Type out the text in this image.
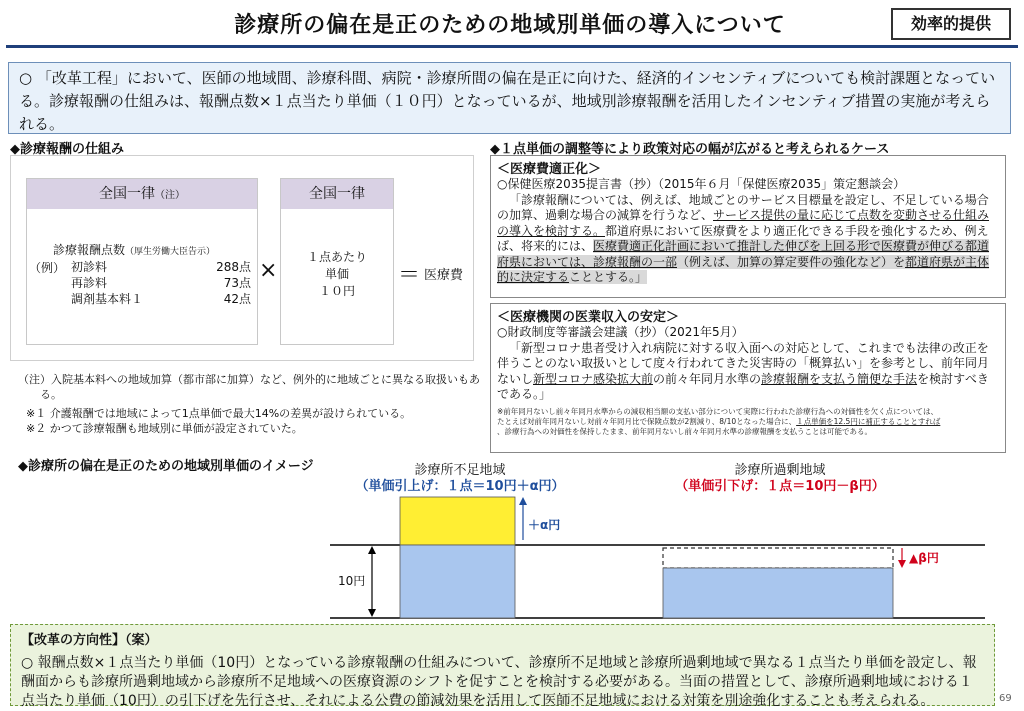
診療所の偏在是正のための地域別単価の導入について	効率的提供
○ 「改革工程」において、医師の地域間、診療科間、病院・診療所間の偏在是正に向けた、経済的インセンティブについても検討課題となっている。診療報酬の仕組みは、報酬点数×１点当たり単価（１０円）となっているが、地域別診療報酬を活用したインセンティブ措置の実施が考えられる。
◆診療報酬の仕組み
全国一律（注）
診療報酬点数（厚生労働大臣告示）
（例） 初診料	288点
再診料	73点
調剤基本料１	42点
×
全国一律
１点あたり
単価
１０円
＝ 医療費
（注）入院基本料への地域加算（都市部に加算）など、例外的に地域ごとに異なる取扱いもある。
※１ 介護報酬では地域によって1点単価で最大14%の差異が設けられている。
※２ かつて診療報酬も地域別に単価が設定されていた。
◆１点単価の調整等により政策対応の幅が広がると考えられるケース
＜医療費適正化＞
○保健医療2035提言書（抄）（2015年６月「保健医療2035」策定懇談会）
「診療報酬については、例えば、地域ごとのサービス目標量を設定し、不足している場合の加算、過剰な場合の減算を行うなど、サービス提供の量に応じて点数を変動させる仕組みの導入を検討する。都道府県において医療費をより適正化できる手段を強化するため、例えば、将来的には、医療費適正化計画において推計した伸びを上回る形で医療費が伸びる都道府県においては、診療報酬の一部（例えば、加算の算定要件の強化など）を都道府県が主体的に決定することとする。」
＜医療機関の医業収入の安定＞
○財政制度等審議会建議（抄）（2021年5月）
「新型コロナ患者受け入れ病院に対する収入面への対応として、これまでも法律の改正を伴うことのない取扱いとして度々行われてきた災害時の「概算払い」を参考とし、前年同月ないし新型コロナ感染拡大前の前々年同月水準の診療報酬を支払う簡便な手法を検討すべきである。」
※前年同月ないし前々年同月水準からの減収相当額の支払い部分について実際に行われた診療行為への対価性を欠く点については、
たとえば対前年同月ないし対前々年同月比で保険点数が2割減り、8/10となった場合に、１点単価を12.5円に補正することとすれば
、診療行為への対価性を保持したまま、前年同月ないし前々年同月水準の診療報酬を支払うことは可能である。
◆診療所の偏在是正のための地域別単価のイメージ	診療所不足地域
（単価引上げ：１点＝10円＋α円）
診療所過剰地域
（単価引下げ：１点＝10円－β円）
＋α円
▲β円
10円
【改革の方向性】（案）
○ 報酬点数×１点当たり単価（10円）となっている診療報酬の仕組みについて、診療所不足地域と診療所過剰地域で異なる１点当たり単価を設定し、報酬面からも診療所過剰地域から診療所不足地域への医療資源のシフトを促すことを検討する必要がある。当面の措置として、診療所過剰地域における１点当たり単価（10円）の引下げを先行させ、それによる公費の節減効果を活用して医師不足地域における対策を別途強化することも考えられる。	69
